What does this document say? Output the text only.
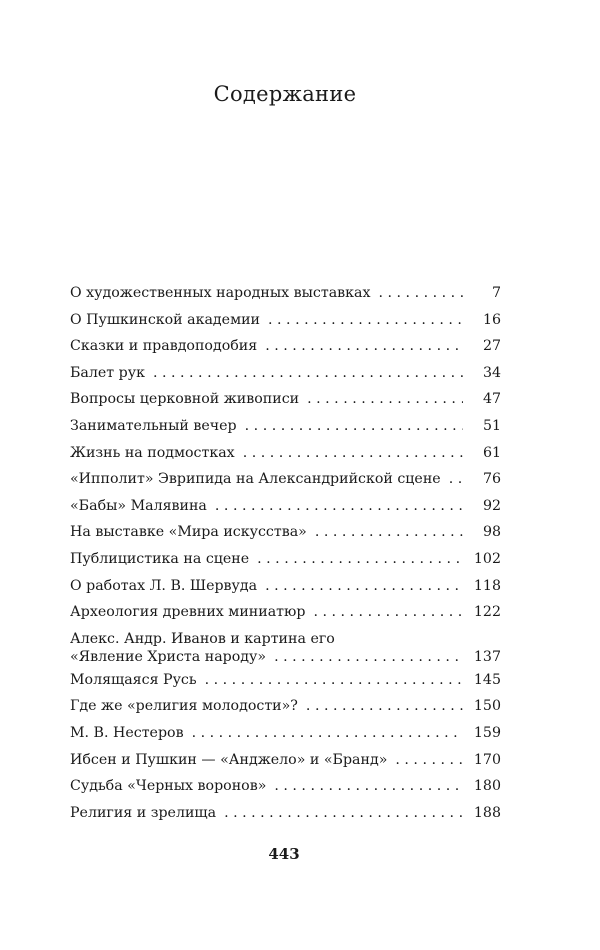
Содержание
О художественных народных выставках . . .	7
О Пушкинской академии . . .	16
Сказки и правдоподобия . . .	27
Балет рук . . .	34
Вопросы церковной живописи . . .	47
Занимательный вечер . . .	51
Жизнь на подмостках . . .	61
«Ипполит» Эврипида на Александрийской сцене . . .	76
«Бабы» Малявина . . .	92
На выставке «Мира искусства» . . .	98
Публицистика на сцене . . .	102
О работах Л. В. Шервуда . . .	118
Археология древних миниатюр . . .	122
Алекс. Андр. Иванов и картина его
«Явление Христа народу» . . .	137
Молящаяся Русь . . .	145
Где же «религия молодости»? . . .	150
М. В. Нестеров . . .	159
Ибсен и Пушкин — «Анджело» и «Бранд» . . .	170
Судьба «Черных воронов» . . .	180
Религия и зрелища . . .	188
443
